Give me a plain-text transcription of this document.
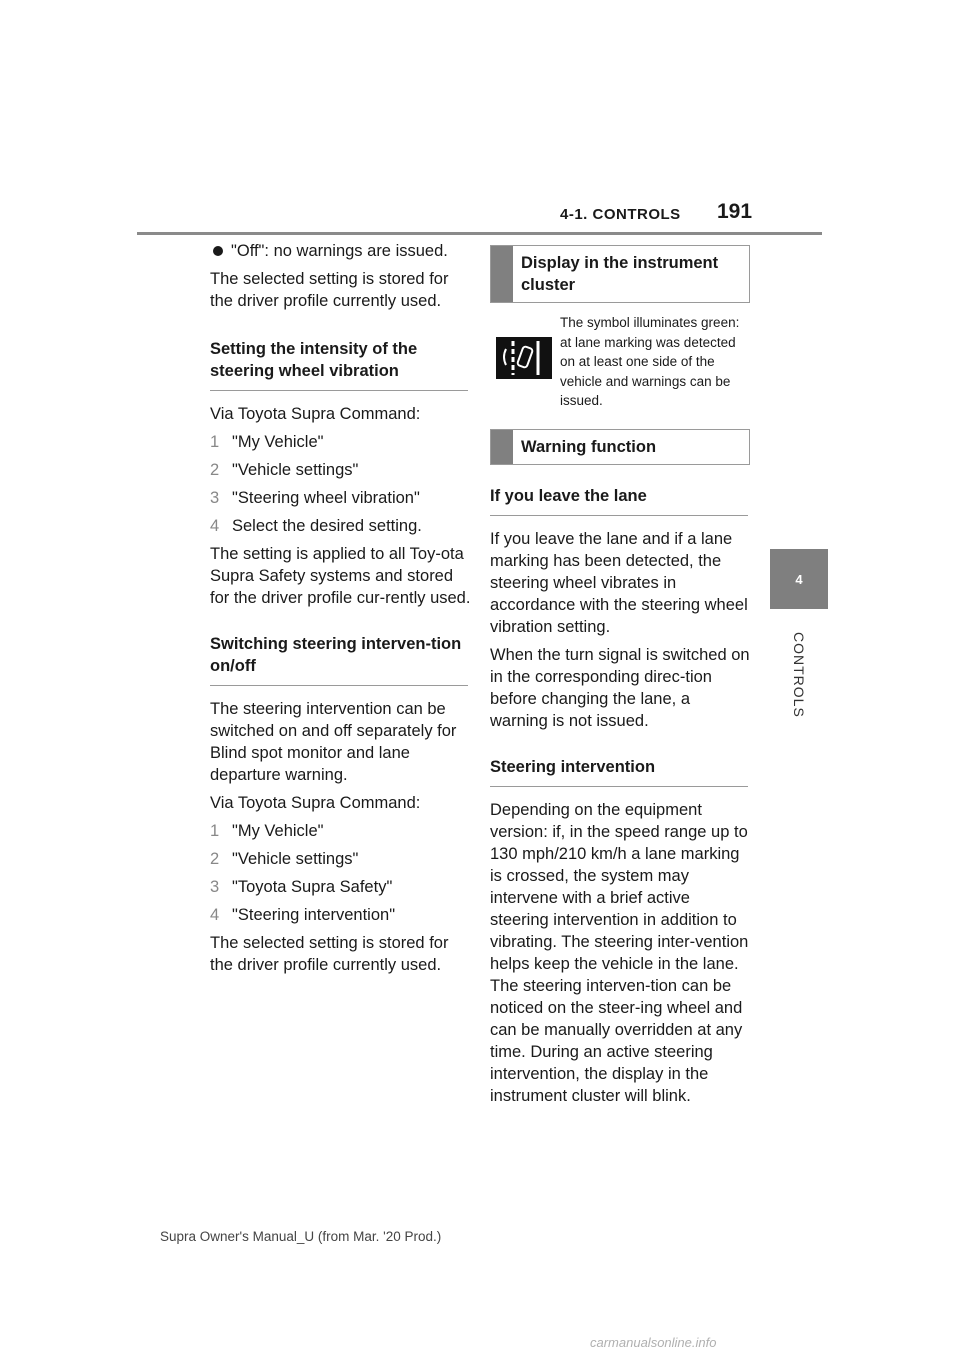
4-1. CONTROLS 191
4
CONTROLS
"Off": no warnings are issued.

The selected setting is stored for the driver profile currently used.

Setting the intensity of the steering wheel vibration

Via Toyota Supra Command:

1 "My Vehicle"
2 "Vehicle settings"
3 "Steering wheel vibration"
4 Select the desired setting.

The setting is applied to all Toy-ota Supra Safety systems and stored for the driver profile cur-rently used.

Switching steering interven-tion on/off

The steering intervention can be switched on and off separately for Blind spot monitor and lane departure warning.

Via Toyota Supra Command:

1 "My Vehicle"
2 "Vehicle settings"
3 "Toyota Supra Safety"
4 "Steering intervention"

The selected setting is stored for the driver profile currently used.

Display in the instrument cluster
The symbol illuminates green: at lane marking was detected on at least one side of the vehicle and warnings can be issued.
Warning function
If you leave the lane

If you leave the lane and if a lane marking has been detected, the steering wheel vibrates in accordance with the steering wheel vibration setting.

When the turn signal is switched on in the corresponding direc-tion before changing the lane, a warning is not issued.

Steering intervention

Depending on the equipment version: if, in the speed range up to 130 mph/210 km/h a lane marking is crossed, the system may intervene with a brief active steering intervention in addition to vibrating. The steering inter-vention helps keep the vehicle in the lane. The steering interven-tion can be noticed on the steer-ing wheel and can be manually overridden at any time. During an active steering intervention, the display in the instrument cluster will blink.

Supra Owner's Manual_U (from Mar. '20 Prod.)
carmanualsonline.info
